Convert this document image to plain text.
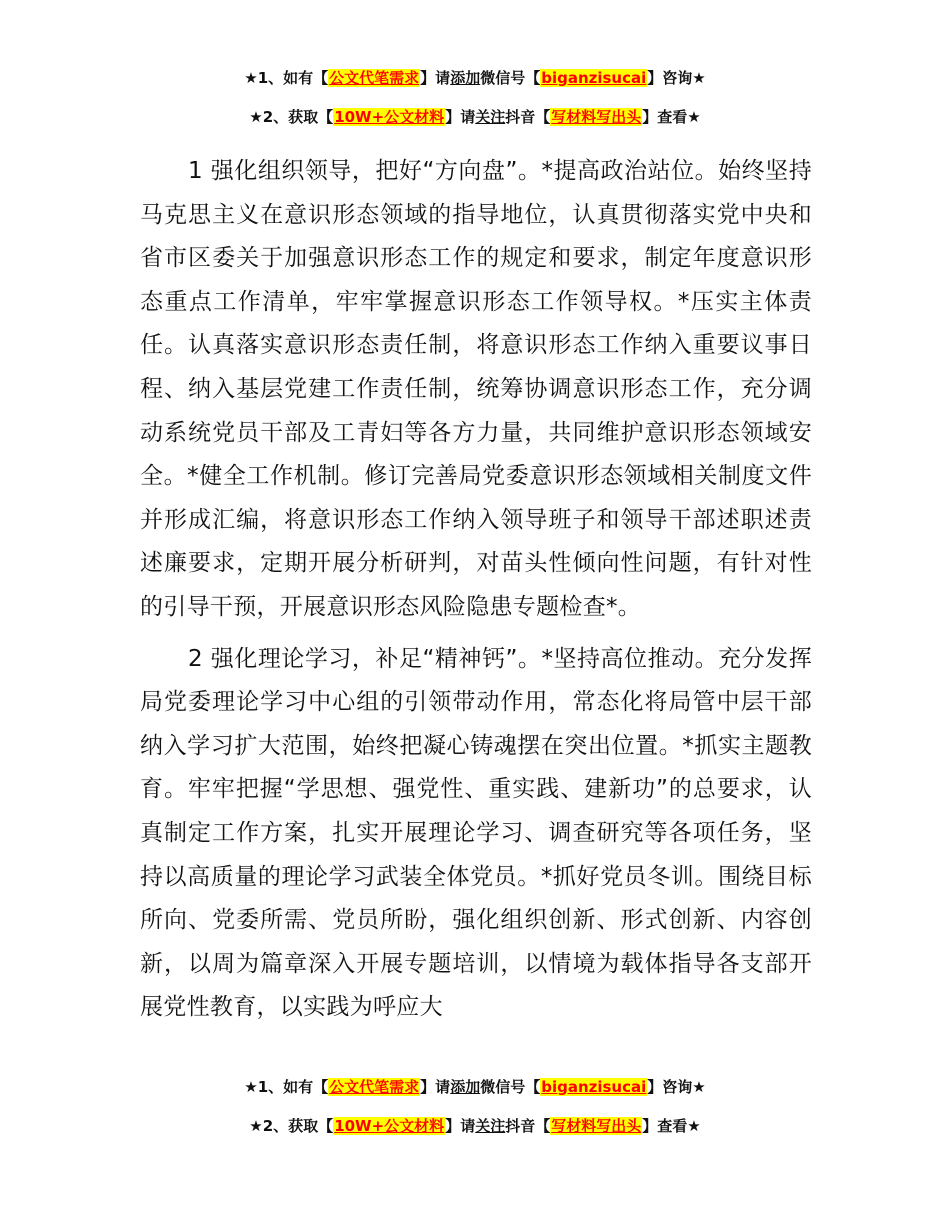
★1、如有【公文代笔需求】请添加微信号【biganzisucai】咨询★
★2、获取【10W+公文材料】请关注抖音【写材料写出头】查看★

1 强化组织领导，把好“方向盘”。*提高政治站位。始终坚持马克思主义在意识形态领域的指导地位，认真贯彻落实党中央和省市区委关于加强意识形态工作的规定和要求，制定年度意识形态重点工作清单，牢牢掌握意识形态工作领导权。*压实主体责任。认真落实意识形态责任制，将意识形态工作纳入重要议事日程、纳入基层党建工作责任制，统筹协调意识形态工作，充分调动系统党员干部及工青妇等各方力量，共同维护意识形态领域安全。*健全工作机制。修订完善局党委意识形态领域相关制度文件并形成汇编，将意识形态工作纳入领导班子和领导干部述职述责述廉要求，定期开展分析研判，对苗头性倾向性问题，有针对性的引导干预，开展意识形态风险隐患专题检查*。

2 强化理论学习，补足“精神钙”。*坚持高位推动。充分发挥局党委理论学习中心组的引领带动作用，常态化将局管中层干部纳入学习扩大范围，始终把凝心铸魂摆在突出位置。*抓实主题教育。牢牢把握“学思想、强党性、重实践、建新功”的总要求，认真制定工作方案，扎实开展理论学习、调查研究等各项任务，坚持以高质量的理论学习武装全体党员。*抓好党员冬训。围绕目标所向、党委所需、党员所盼，强化组织创新、形式创新、内容创新，以周为篇章深入开展专题培训，以情境为载体指导各支部开展党性教育，以实践为呼应大

★1、如有【公文代笔需求】请添加微信号【biganzisucai】咨询★
★2、获取【10W+公文材料】请关注抖音【写材料写出头】查看★
